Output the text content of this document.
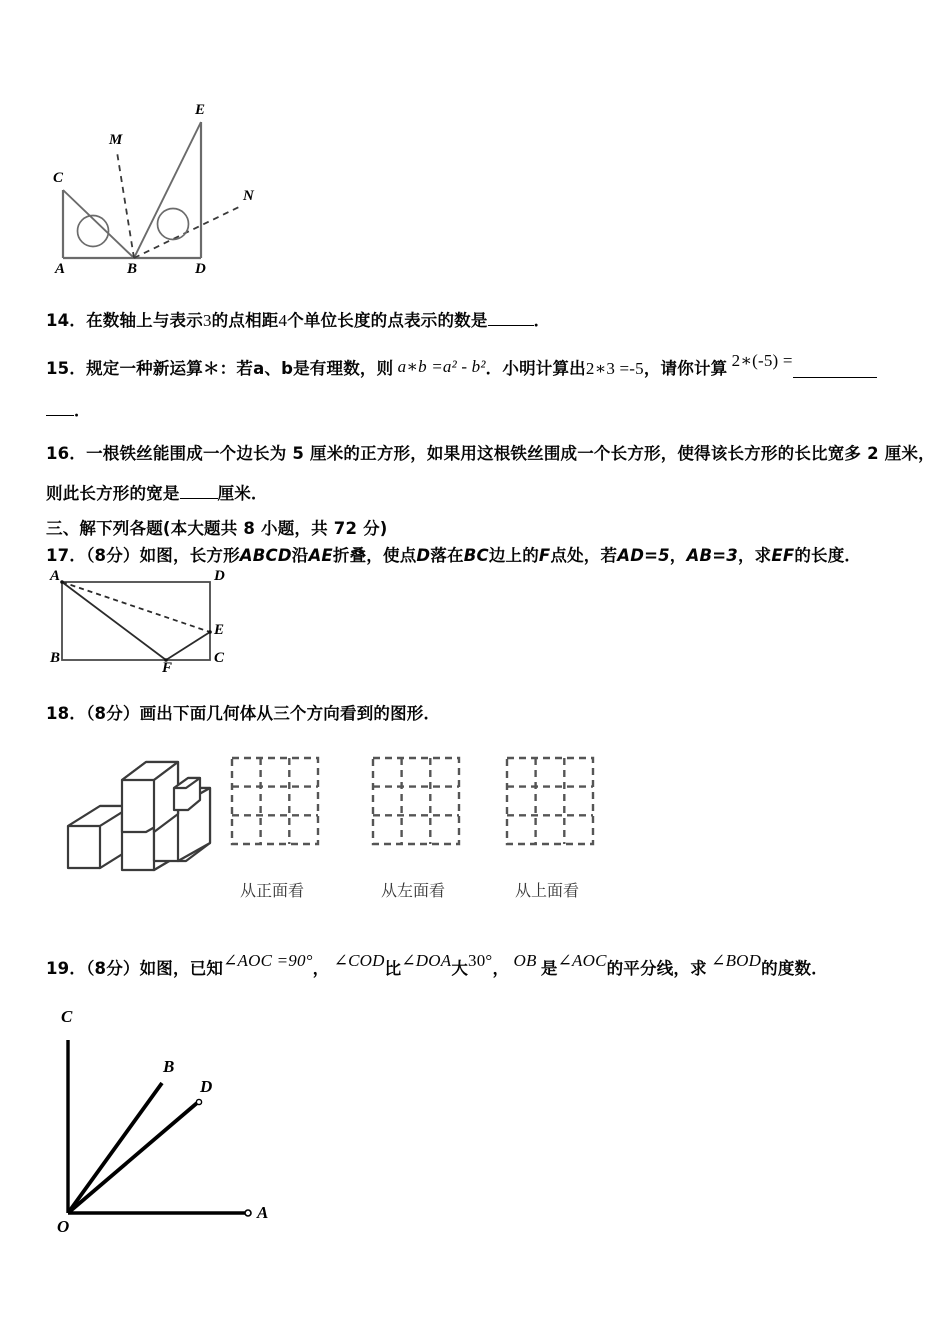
A	B	D
C
E
M
N
14．在数轴上与表示3的点相距4个单位长度的点表示的数是	．
15．规定一种新运算＊：若a、b是有理数，则 a∗b =a² - b²．小明计算出2∗3 =-5，请你计算 2∗(-5) =
．
16．一根铁丝能围成一个边长为 5 厘米的正方形，如果用这根铁丝围成一个长方形，使得该长方形的长比宽多 2 厘米，
则此长方形的宽是 厘米．
三、解下列各题(本大题共 8 小题，共 72 分)
17．（8分）如图，长方形ABCD沿AE折叠，使点D落在BC边上的F点处，若AD=5，AB=3，求EF的长度．
A	D
B	C
E
F
18．（8分）画出下面几何体从三个方向看到的图形．
从正面看	从左面看	从上面看
19．（8分）如图，已知∠AOC =90°， ∠COD比∠DOA大30°， OB 是∠AOC的平分线，求 ∠BOD的度数．
C
B
D
A
O
